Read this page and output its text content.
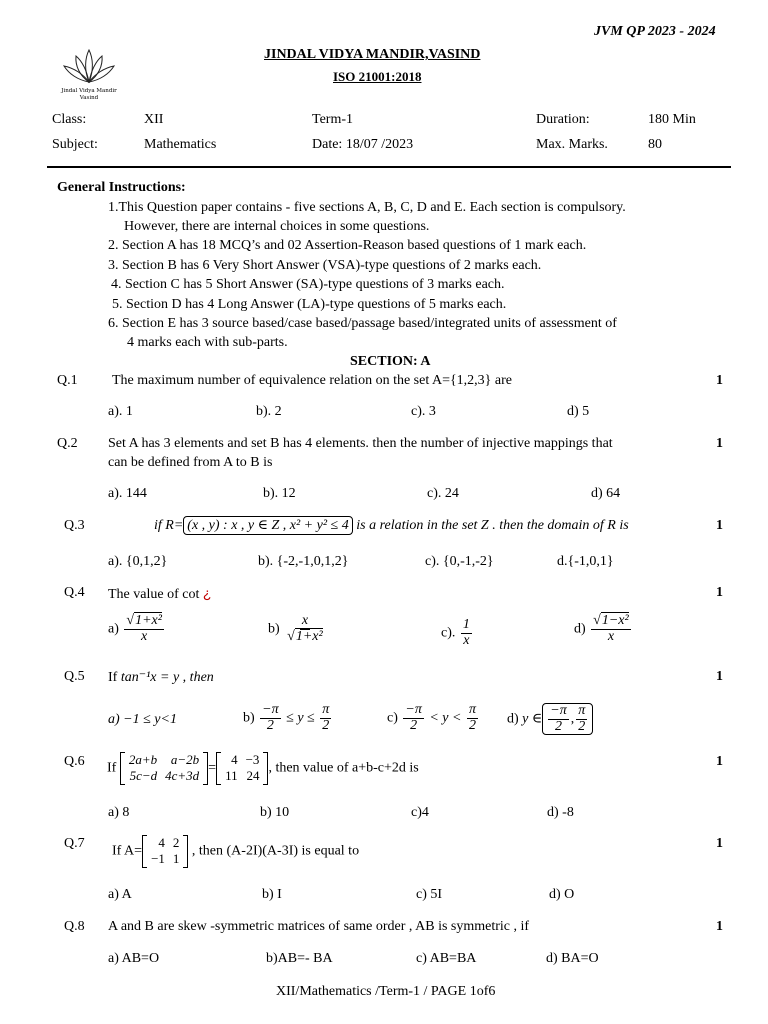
JVM QP 2023 - 2024
Jindal Vidya Mandir
Vasind
JINDAL VIDYA MANDIR,VASIND
ISO 21001:2018
Class:	XII	Term-1	Duration:	180 Min
Subject:	Mathematics	Date: 18/07 /2023	Max. Marks.	80
General Instructions:
1.This Question paper contains - five sections A, B, C, D and E. Each section is compulsory.
However, there are internal choices in some questions.
2. Section A has 18 MCQ’s and 02 Assertion-Reason based questions of 1 mark each.
3. Section B has 6 Very Short Answer (VSA)-type questions of 2 marks each.
4. Section C has 5 Short Answer (SA)-type questions of 3 marks each.
5. Section D has 4 Long Answer (LA)-type questions of 5 marks each.
6. Section E has 3 source based/case based/passage based/integrated units of assessment of
4 marks each with sub-parts.
SECTION: A
Q.1 The maximum number of equivalence relation on the set A={1,2,3} are	1
a). 1	b). 2	c). 3	d) 5
Q.2 Set A has 3 elements and set B has 4 elements. then the number of injective mappings that
can be defined from A to B is
1
a). 144	b). 12	c). 24	d) 64
Q.3	if R= (x , y) : x , y ∈ Z , x² + y² ≤ 4 is a relation in the set Z . then the domain of R is	1
a). {0,1,2}	b). {-2,-1,0,1,2}	c). {0,-1,-2}	d.{-1,0,1}
Q.4 The value of cot ¿	1
$a) \frac{\text{√1+x²}}{x}$	$b) \frac{x}{\text{√1+x²}}$	c). $\frac{1}{x}$	$d) \frac{\text{√1−x²}}{x}$
Q.5 If tan⁻¹x = y , then	1
a) −1 ≤ y<1	$b) \frac{-\pi}{2} \le y \le \frac{\pi}{2}$	$c) \frac{-\pi}{2} < y < \frac{\pi}{2} d$) y ∈ $\frac{-\pi}{2}$ , $\frac{\pi}{2}$
Q.6 If
2a+b	a−2b
5c−d	4c+3d
=
4	−3
11	24
, then value of a+b-c+2d is	1
a) 8	b) 10	c)4	d) -8
Q.7 If A=
4	2
−1	1
, then (A-2I)(A-3I) is equal to	1
a) A	b) I	c) 5I	d) O
Q.8 A and B are skew -symmetric matrices of same order , AB is symmetric , if	1
a) AB=O	b)AB=- BA	c) AB=BA	d) BA=O
XII/Mathematics /Term-1 / PAGE 1of6
